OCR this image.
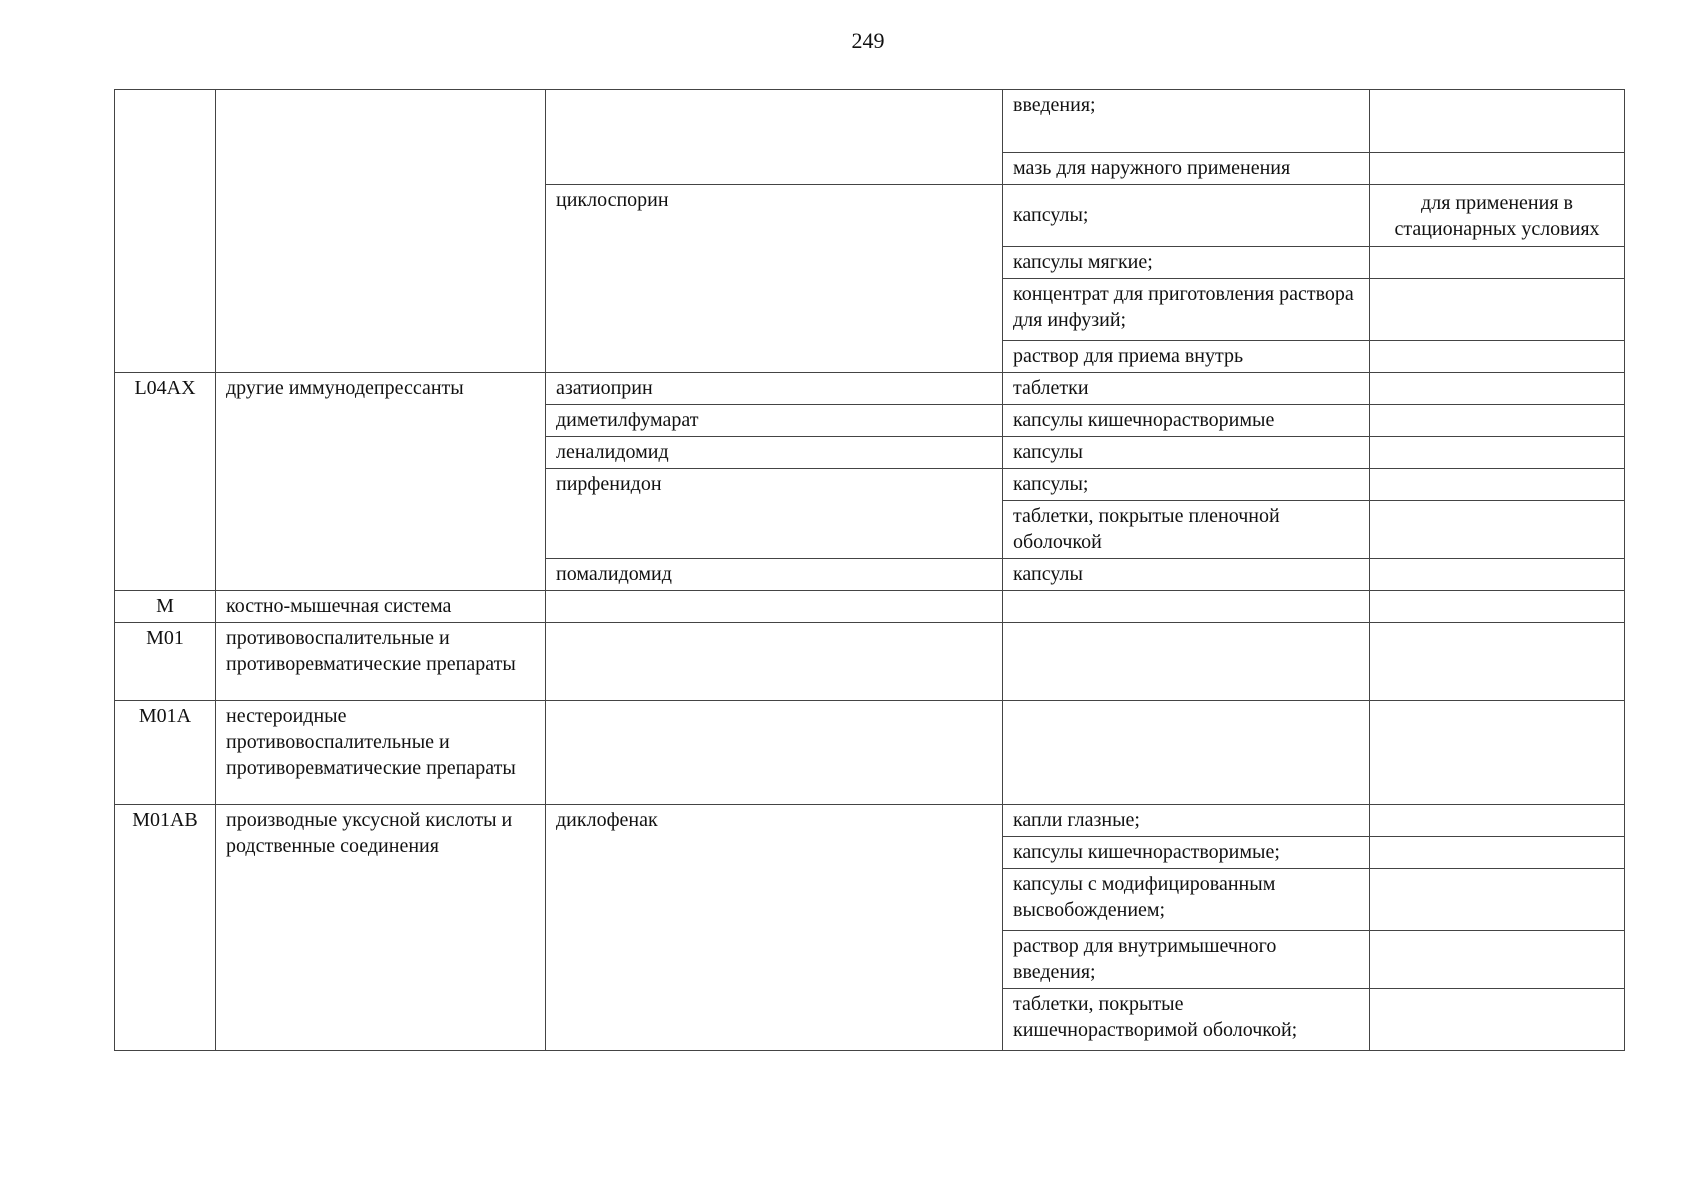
249
			введения;	
			мазь для наружного применения	
		циклоспорин	капсулы;	для применения в стационарных условиях
			капсулы мягкие;	
			концентрат для приготовления раствора для инфузий;	
			раствор для приема внутрь	

L04AX	другие иммунодепрессанты	азатиоприн	таблетки	
		диметилфумарат	капсулы кишечнорастворимые	
		леналидомид	капсулы	
		пирфенидон	капсулы;	
			таблетки, покрытые пленочной оболочкой	
		помалидомид	капсулы	

M	костно-мышечная система			
M01	противовоспалительные и противоревматические препараты			
M01A	нестероидные противовоспалительные и противоревматические препараты			
M01AB	производные уксусной кислоты и родственные соединения	диклофенак	капли глазные;	
			капсулы кишечнорастворимые;	
			капсулы с модифицированным высвобождением;	
			раствор для внутримышечного введения;	
			таблетки, покрытые кишечнорастворимой оболочкой;	
